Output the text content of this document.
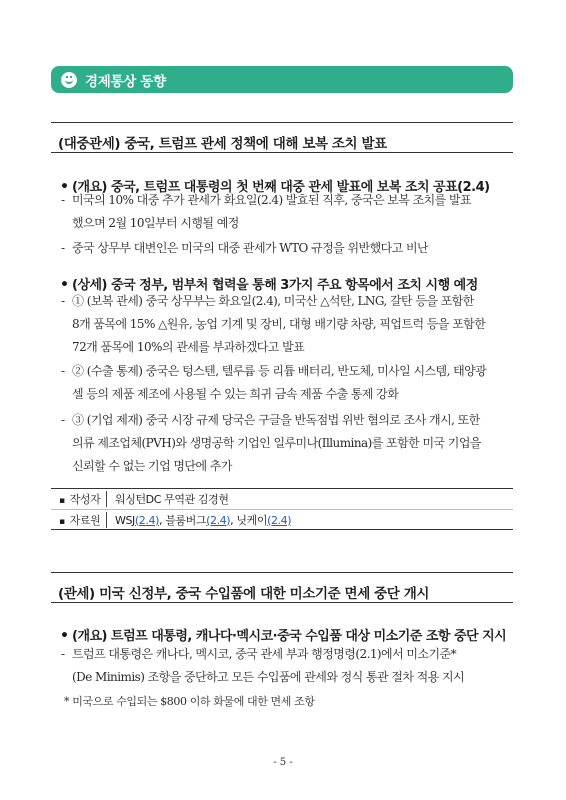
경제통상 동향
(대중관세) 중국, 트럼프 관세 정책에 대해 보복 조치 발표
• (개요) 중국, 트럼프 대통령의 첫 번째 대중 관세 발표에 보복 조치 공표(2.4)
- 미국의 10% 대중 추가 관세가 화요일(2.4) 발효된 직후, 중국은 보복 조치를 발표
했으며 2월 10일부터 시행될 예정
- 중국 상무부 대변인은 미국의 대중 관세가 WTO 규정을 위반했다고 비난
• (상세) 중국 정부, 범부처 협력을 통해 3가지 주요 항목에서 조치 시행 예정
- ① (보복 관세) 중국 상무부는 화요일(2.4), 미국산 △석탄, LNG, 갈탄 등을 포함한
8개 품목에 15% △원유, 농업 기계 및 장비, 대형 배기량 차량, 픽업트럭 등을 포함한
72개 품목에 10%의 관세를 부과하겠다고 발표
- ② (수출 통제) 중국은 텅스텐, 텔루륨 등 리튬 배터리, 반도체, 미사일 시스템, 태양광
셀 등의 제품 제조에 사용될 수 있는 희귀 금속 제품 수출 통제 강화
- ③ (기업 제재) 중국 시장 규제 당국은 구글을 반독점법 위반 혐의로 조사 개시, 또한
의류 제조업체(PVH)와 생명공학 기업인 일루미나(Illumina)를 포함한 미국 기업을
신뢰할 수 없는 기업 명단에 추가
▪ 작성자	워싱턴DC 무역관 김경현
▪ 자료원	WSJ(2.4), 블룸버그(2.4), 닛케이(2.4)
(관세) 미국 신정부, 중국 수입품에 대한 미소기준 면세 중단 개시
• (개요) 트럼프 대통령, 캐나다·멕시코·중국 수입품 대상 미소기준 조항 중단 지시
- 트럼프 대통령은 캐나다, 멕시코, 중국 관세 부과 행정명령(2.1)에서 미소기준*
(De Minimis) 조항을 중단하고 모든 수입품에 관세와 정식 통관 절차 적용 지시
* 미국으로 수입되는 $800 이하 화물에 대한 면세 조항
- 5 -
